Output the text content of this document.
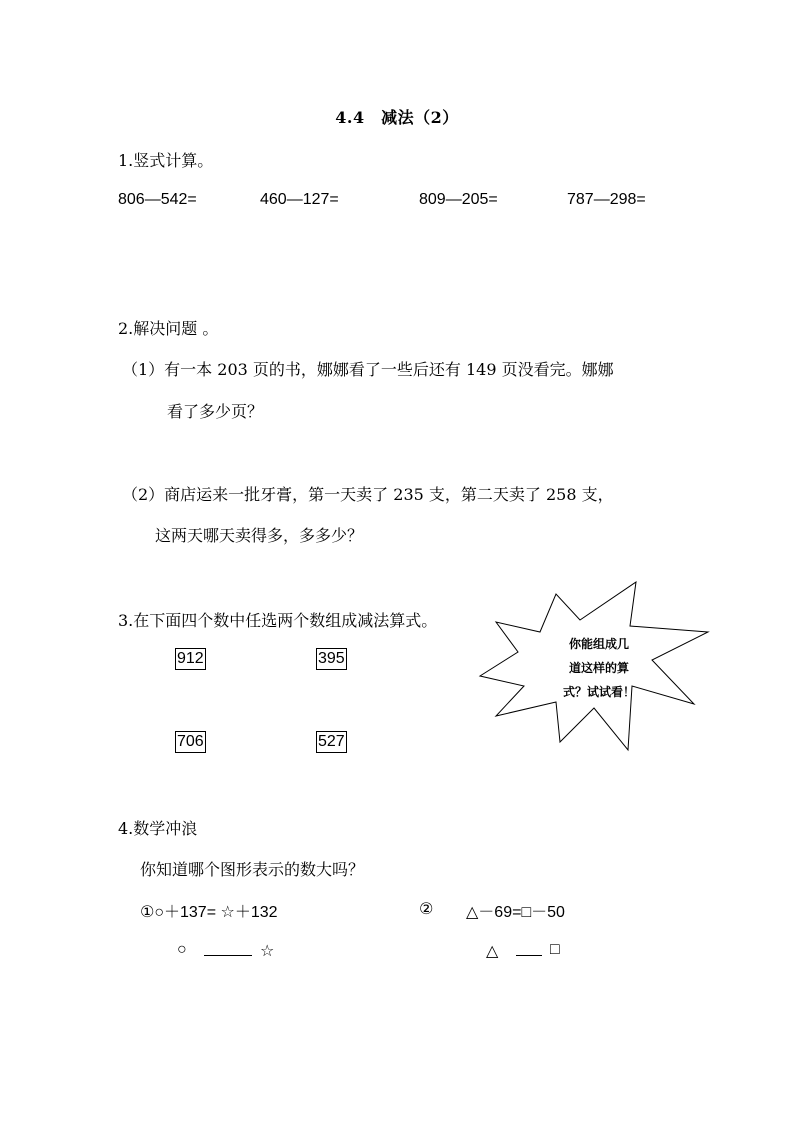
4.4　减法（2）
1.竖式计算。
806—542=	460—127=	809—205=	787—298=
2.解决问题 。
（1）有一本 203 页的书，娜娜看了一些后还有 149 页没看完。娜娜
看了多少页？
（2）商店运来一批牙膏，第一天卖了 235 支，第二天卖了 258 支，
这两天哪天卖得多，多多少？
3.在下面四个数中任选两个数组成减法算式。
912	395
706	527
你能组成几
道这样的算
式？试试看！
4.数学冲浪
你知道哪个图形表示的数大吗？
①○＋137= ☆＋132	② △－69=□－50
○	☆	△	□
